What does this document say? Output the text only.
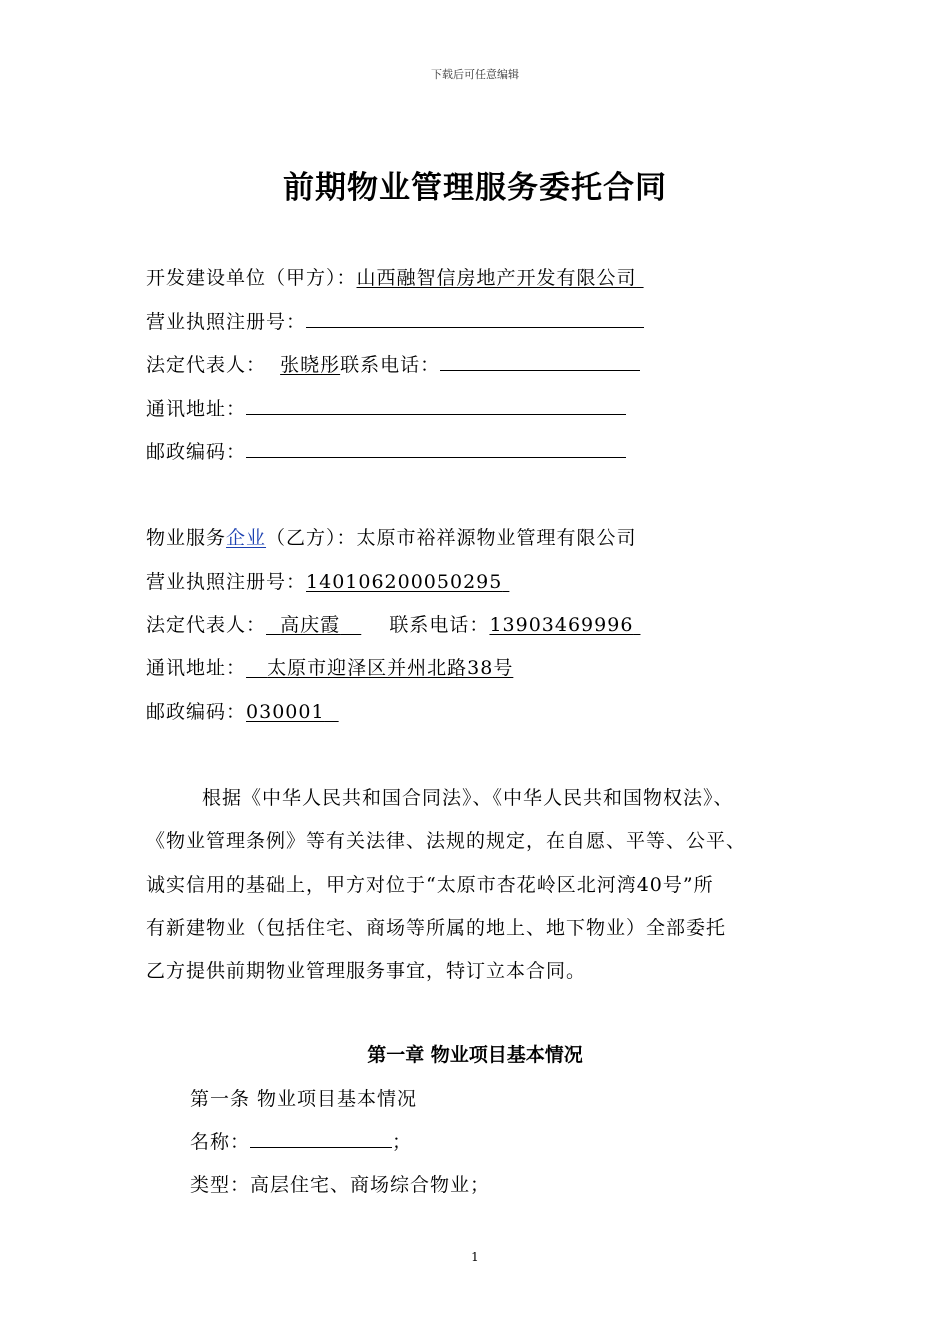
下载后可任意编辑
前期物业管理服务委托合同
开发建设单位（甲方）：山西融智信房地产开发有限公司
营业执照注册号：
法定代表人： 张晓彤联系电话：
通讯地址：
邮政编码：
物业服务企业（乙方）：太原市裕祥源物业管理有限公司
营业执照注册号：140106200050295
法定代表人： 高庆霞	联系电话：13903469996
通讯地址： 太原市迎泽区并州北路38号
邮政编码：030001
根据《中华人民共和国合同法》、《中华人民共和国物权法》、
《物业管理条例》等有关法律、法规的规定，在自愿、平等、公平、
诚实信用的基础上，甲方对位于“太原市杏花岭区北河湾40号”所
有新建物业（包括住宅、商场等所属的地上、地下物业）全部委托
乙方提供前期物业管理服务事宜，特订立本合同。
第一章 物业项目基本情况
第一条 物业项目基本情况
名称：	；
类型：高层住宅、商场综合物业；
1
